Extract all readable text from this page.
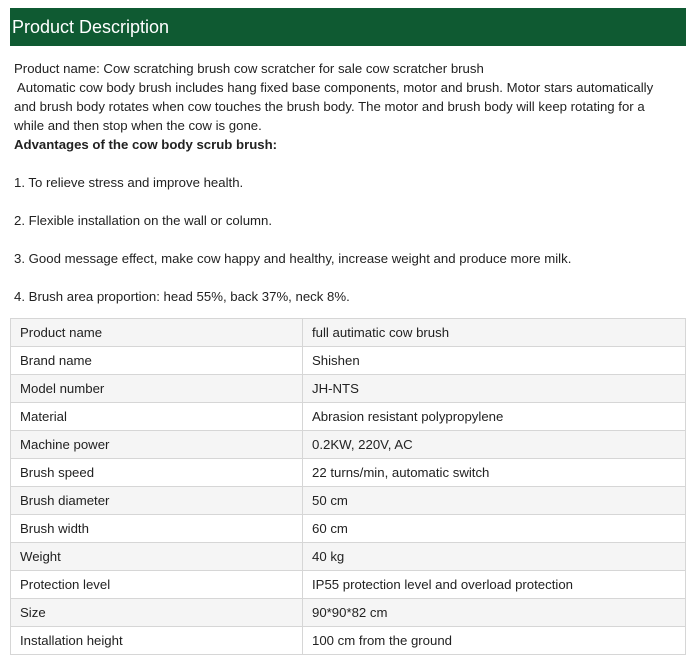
Product Description
Product name: Cow scratching brush cow scratcher for sale cow scratcher brush
Automatic cow body brush includes hang fixed base components, motor and brush. Motor stars automatically
and brush body rotates when cow touches the brush body. The motor and brush body will keep rotating for a
while and then stop when the cow is gone.
Advantages of the cow body scrub brush:
1. To relieve stress and improve health.
2. Flexible installation on the wall or column.
3. Good message effect, make cow happy and healthy, increase weight and produce more milk.
4. Brush area proportion: head 55%, back 37%, neck 8%.
Product name	full autimatic cow brush
Brand name	Shishen
Model number	JH-NTS
Material	Abrasion resistant polypropylene
Machine power	0.2KW, 220V, AC
Brush speed	22 turns/min, automatic switch
Brush diameter	50 cm
Brush width	60 cm
Weight	40 kg
Protection level	IP55 protection level and overload protection
Size	90*90*82 cm
Installation height	100 cm from the ground
